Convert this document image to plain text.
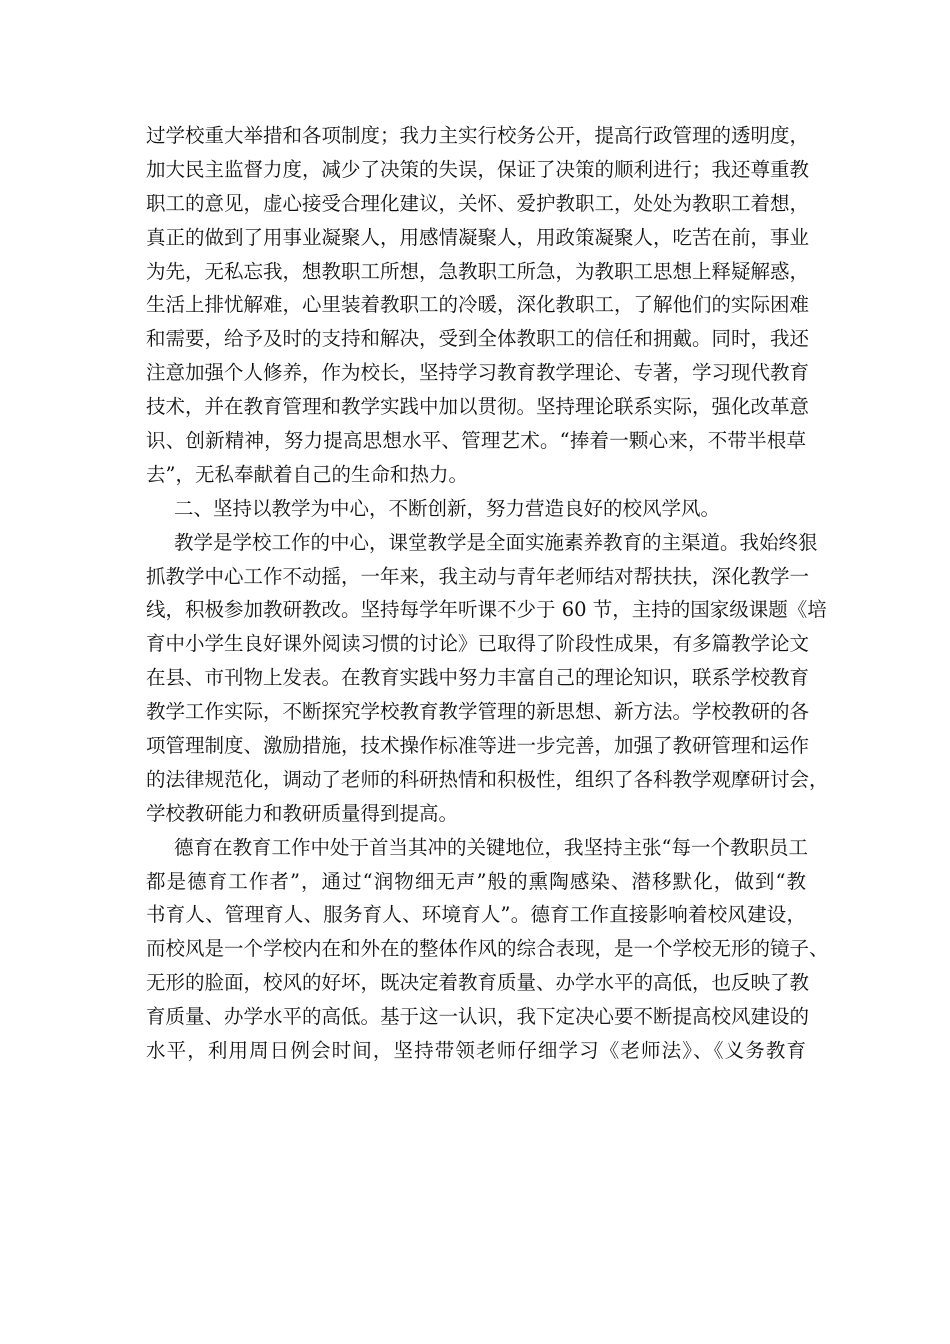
过学校重大举措和各项制度；我力主实行校务公开，提高行政管理的透明度，
加大民主监督力度，减少了决策的失误，保证了决策的顺利进行；我还尊重教
职工的意见，虚心接受合理化建议，关怀、爱护教职工，处处为教职工着想，
真正的做到了用事业凝聚人，用感情凝聚人，用政策凝聚人，吃苦在前，事业
为先，无私忘我，想教职工所想，急教职工所急，为教职工思想上释疑解惑，
生活上排忧解难，心里装着教职工的冷暖，深化教职工，了解他们的实际困难
和需要，给予及时的支持和解决，受到全体教职工的信任和拥戴。同时，我还
注意加强个人修养，作为校长，坚持学习教育教学理论、专著，学习现代教育
技术，并在教育管理和教学实践中加以贯彻。坚持理论联系实际，强化改革意
识、创新精神，努力提高思想水平、管理艺术。“捧着一颗心来，不带半根草
去”，无私奉献着自己的生命和热力。
二、坚持以教学为中心，不断创新，努力营造良好的校风学风。
教学是学校工作的中心，课堂教学是全面实施素养教育的主渠道。我始终狠
抓教学中心工作不动摇，一年来，我主动与青年老师结对帮扶扶，深化教学一
线，积极参加教研教改。坚持每学年听课不少于 60 节，主持的国家级课题《培
育中小学生良好课外阅读习惯的讨论》已取得了阶段性成果，有多篇教学论文
在县、市刊物上发表。在教育实践中努力丰富自己的理论知识，联系学校教育
教学工作实际，不断探究学校教育教学管理的新思想、新方法。学校教研的各
项管理制度、激励措施，技术操作标准等进一步完善，加强了教研管理和运作
的法律规范化，调动了老师的科研热情和积极性，组织了各科教学观摩研讨会，
学校教研能力和教研质量得到提高。
德育在教育工作中处于首当其冲的关键地位，我坚持主张“每一个教职员工
都是德育工作者”，通过“润物细无声”般的熏陶感染、潜移默化，做到“教
书育人、管理育人、服务育人、环境育人”。德育工作直接影响着校风建设，
而校风是一个学校内在和外在的整体作风的综合表现，是一个学校无形的镜子、
无形的脸面，校风的好坏，既决定着教育质量、办学水平的高低，也反映了教
育质量、办学水平的高低。基于这一认识，我下定决心要不断提高校风建设的
水平，利用周日例会时间，坚持带领老师仔细学习《老师法》、《义务教育
